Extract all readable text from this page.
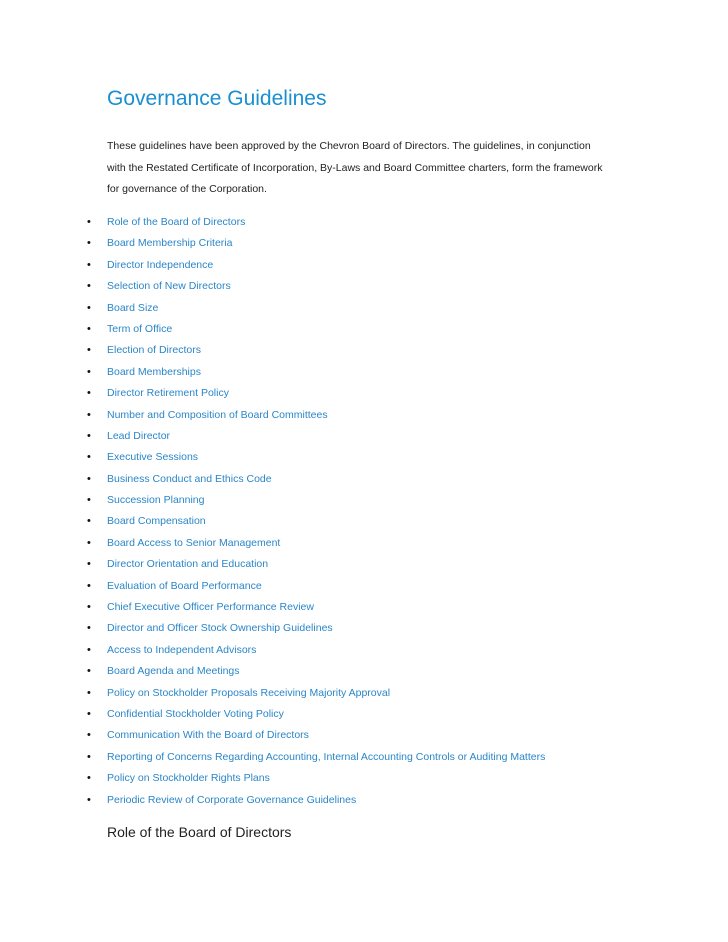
Governance Guidelines

These guidelines have been approved by the Chevron Board of Directors. The guidelines, in conjunction
with the Restated Certificate of Incorporation, By-Laws and Board Committee charters, form the framework
for governance of the Corporation.

• Role of the Board of Directors
• Board Membership Criteria
• Director Independence
• Selection of New Directors
• Board Size
• Term of Office
• Election of Directors
• Board Memberships
• Director Retirement Policy
• Number and Composition of Board Committees
• Lead Director
• Executive Sessions
• Business Conduct and Ethics Code
• Succession Planning
• Board Compensation
• Board Access to Senior Management
• Director Orientation and Education
• Evaluation of Board Performance
• Chief Executive Officer Performance Review
• Director and Officer Stock Ownership Guidelines
• Access to Independent Advisors
• Board Agenda and Meetings
• Policy on Stockholder Proposals Receiving Majority Approval
• Confidential Stockholder Voting Policy
• Communication With the Board of Directors
• Reporting of Concerns Regarding Accounting, Internal Accounting Controls or Auditing Matters
• Policy on Stockholder Rights Plans
• Periodic Review of Corporate Governance Guidelines
Role of the Board of Directors
